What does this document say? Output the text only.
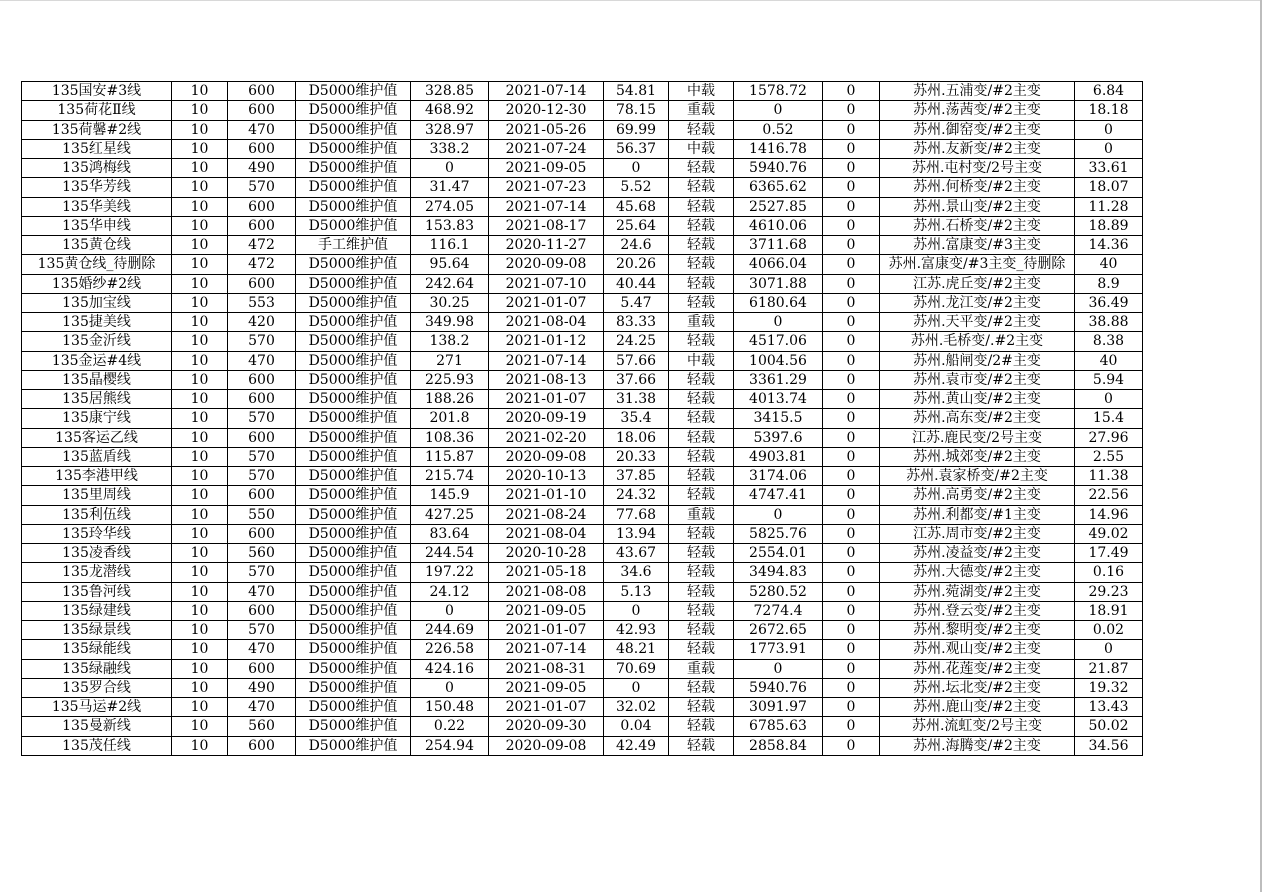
135国安#3线	10	600	D5000维护值	328.85	2021-07-14	54.81	中载	1578.72	0	苏州.五浦变/#2主变	6.84
135荷花Ⅱ线	10	600	D5000维护值	468.92	2020-12-30	78.15	重载	0	0	苏州.荡茜变/#2主变	18.18
135荷馨#2线	10	470	D5000维护值	328.97	2021-05-26	69.99	轻载	0.52	0	苏州.御窑变/#2主变	0
135红星线	10	600	D5000维护值	338.2	2021-07-24	56.37	中载	1416.78	0	苏州.友新变/#2主变	0
135鸿梅线	10	490	D5000维护值	0	2021-09-05	0	轻载	5940.76	0	苏州.屯村变/2号主变	33.61
135华芳线	10	570	D5000维护值	31.47	2021-07-23	5.52	轻载	6365.62	0	苏州.何桥变/#2主变	18.07
135华美线	10	600	D5000维护值	274.05	2021-07-14	45.68	轻载	2527.85	0	苏州.景山变/#2主变	11.28
135华申线	10	600	D5000维护值	153.83	2021-08-17	25.64	轻载	4610.06	0	苏州.石桥变/#2主变	18.89
135黄仓线	10	472	手工维护值	116.1	2020-11-27	24.6	轻载	3711.68	0	苏州.富康变/#3主变	14.36
135黄仓线_待删除	10	472	D5000维护值	95.64	2020-09-08	20.26	轻载	4066.04	0	苏州.富康变/#3主变_待删除	40
135婚纱#2线	10	600	D5000维护值	242.64	2021-07-10	40.44	轻载	3071.88	0	江苏.虎丘变/#2主变	8.9
135加宝线	10	553	D5000维护值	30.25	2021-01-07	5.47	轻载	6180.64	0	苏州.龙江变/#2主变	36.49
135捷美线	10	420	D5000维护值	349.98	2021-08-04	83.33	重载	0	0	苏州.天平变/#2主变	38.88
135金沂线	10	570	D5000维护值	138.2	2021-01-12	24.25	轻载	4517.06	0	苏州.毛桥变/.#2主变	8.38
135金运#4线	10	470	D5000维护值	271	2021-07-14	57.66	中载	1004.56	0	苏州.船闸变/2#主变	40
135晶樱线	10	600	D5000维护值	225.93	2021-08-13	37.66	轻载	3361.29	0	苏州.袁市变/#2主变	5.94
135居熊线	10	600	D5000维护值	188.26	2021-01-07	31.38	轻载	4013.74	0	苏州.黄山变/#2主变	0
135康宁线	10	570	D5000维护值	201.8	2020-09-19	35.4	轻载	3415.5	0	苏州.高东变/#2主变	15.4
135客运乙线	10	600	D5000维护值	108.36	2021-02-20	18.06	轻载	5397.6	0	江苏.鹿民变/2号主变	27.96
135蓝盾线	10	570	D5000维护值	115.87	2020-09-08	20.33	轻载	4903.81	0	苏州.城郊变/#2主变	2.55
135李港甲线	10	570	D5000维护值	215.74	2020-10-13	37.85	轻载	3174.06	0	苏州.袁家桥变/#2主变	11.38
135里周线	10	600	D5000维护值	145.9	2021-01-10	24.32	轻载	4747.41	0	苏州.高勇变/#2主变	22.56
135利伍线	10	550	D5000维护值	427.25	2021-08-24	77.68	重载	0	0	苏州.利都变/#1主变	14.96
135玲华线	10	600	D5000维护值	83.64	2021-08-04	13.94	轻载	5825.76	0	江苏.周市变/#2主变	49.02
135凌香线	10	560	D5000维护值	244.54	2020-10-28	43.67	轻载	2554.01	0	苏州.凌益变/#2主变	17.49
135龙潜线	10	570	D5000维护值	197.22	2021-05-18	34.6	轻载	3494.83	0	苏州.大德变/#2主变	0.16
135鲁河线	10	470	D5000维护值	24.12	2021-08-08	5.13	轻载	5280.52	0	苏州.菀湖变/#2主变	29.23
135绿建线	10	600	D5000维护值	0	2021-09-05	0	轻载	7274.4	0	苏州.登云变/#2主变	18.91
135绿景线	10	570	D5000维护值	244.69	2021-01-07	42.93	轻载	2672.65	0	苏州.黎明变/#2主变	0.02
135绿能线	10	470	D5000维护值	226.58	2021-07-14	48.21	轻载	1773.91	0	苏州.观山变/#2主变	0
135绿融线	10	600	D5000维护值	424.16	2021-08-31	70.69	重载	0	0	苏州.花莲变/#2主变	21.87
135罗合线	10	490	D5000维护值	0	2021-09-05	0	轻载	5940.76	0	苏州.坛北变/#2主变	19.32
135马运#2线	10	470	D5000维护值	150.48	2021-01-07	32.02	轻载	3091.97	0	苏州.鹿山变/#2主变	13.43
135曼新线	10	560	D5000维护值	0.22	2020-09-30	0.04	轻载	6785.63	0	苏州.流虹变/2号主变	50.02
135茂任线	10	600	D5000维护值	254.94	2020-09-08	42.49	轻载	2858.84	0	苏州.海腾变/#2主变	34.56
